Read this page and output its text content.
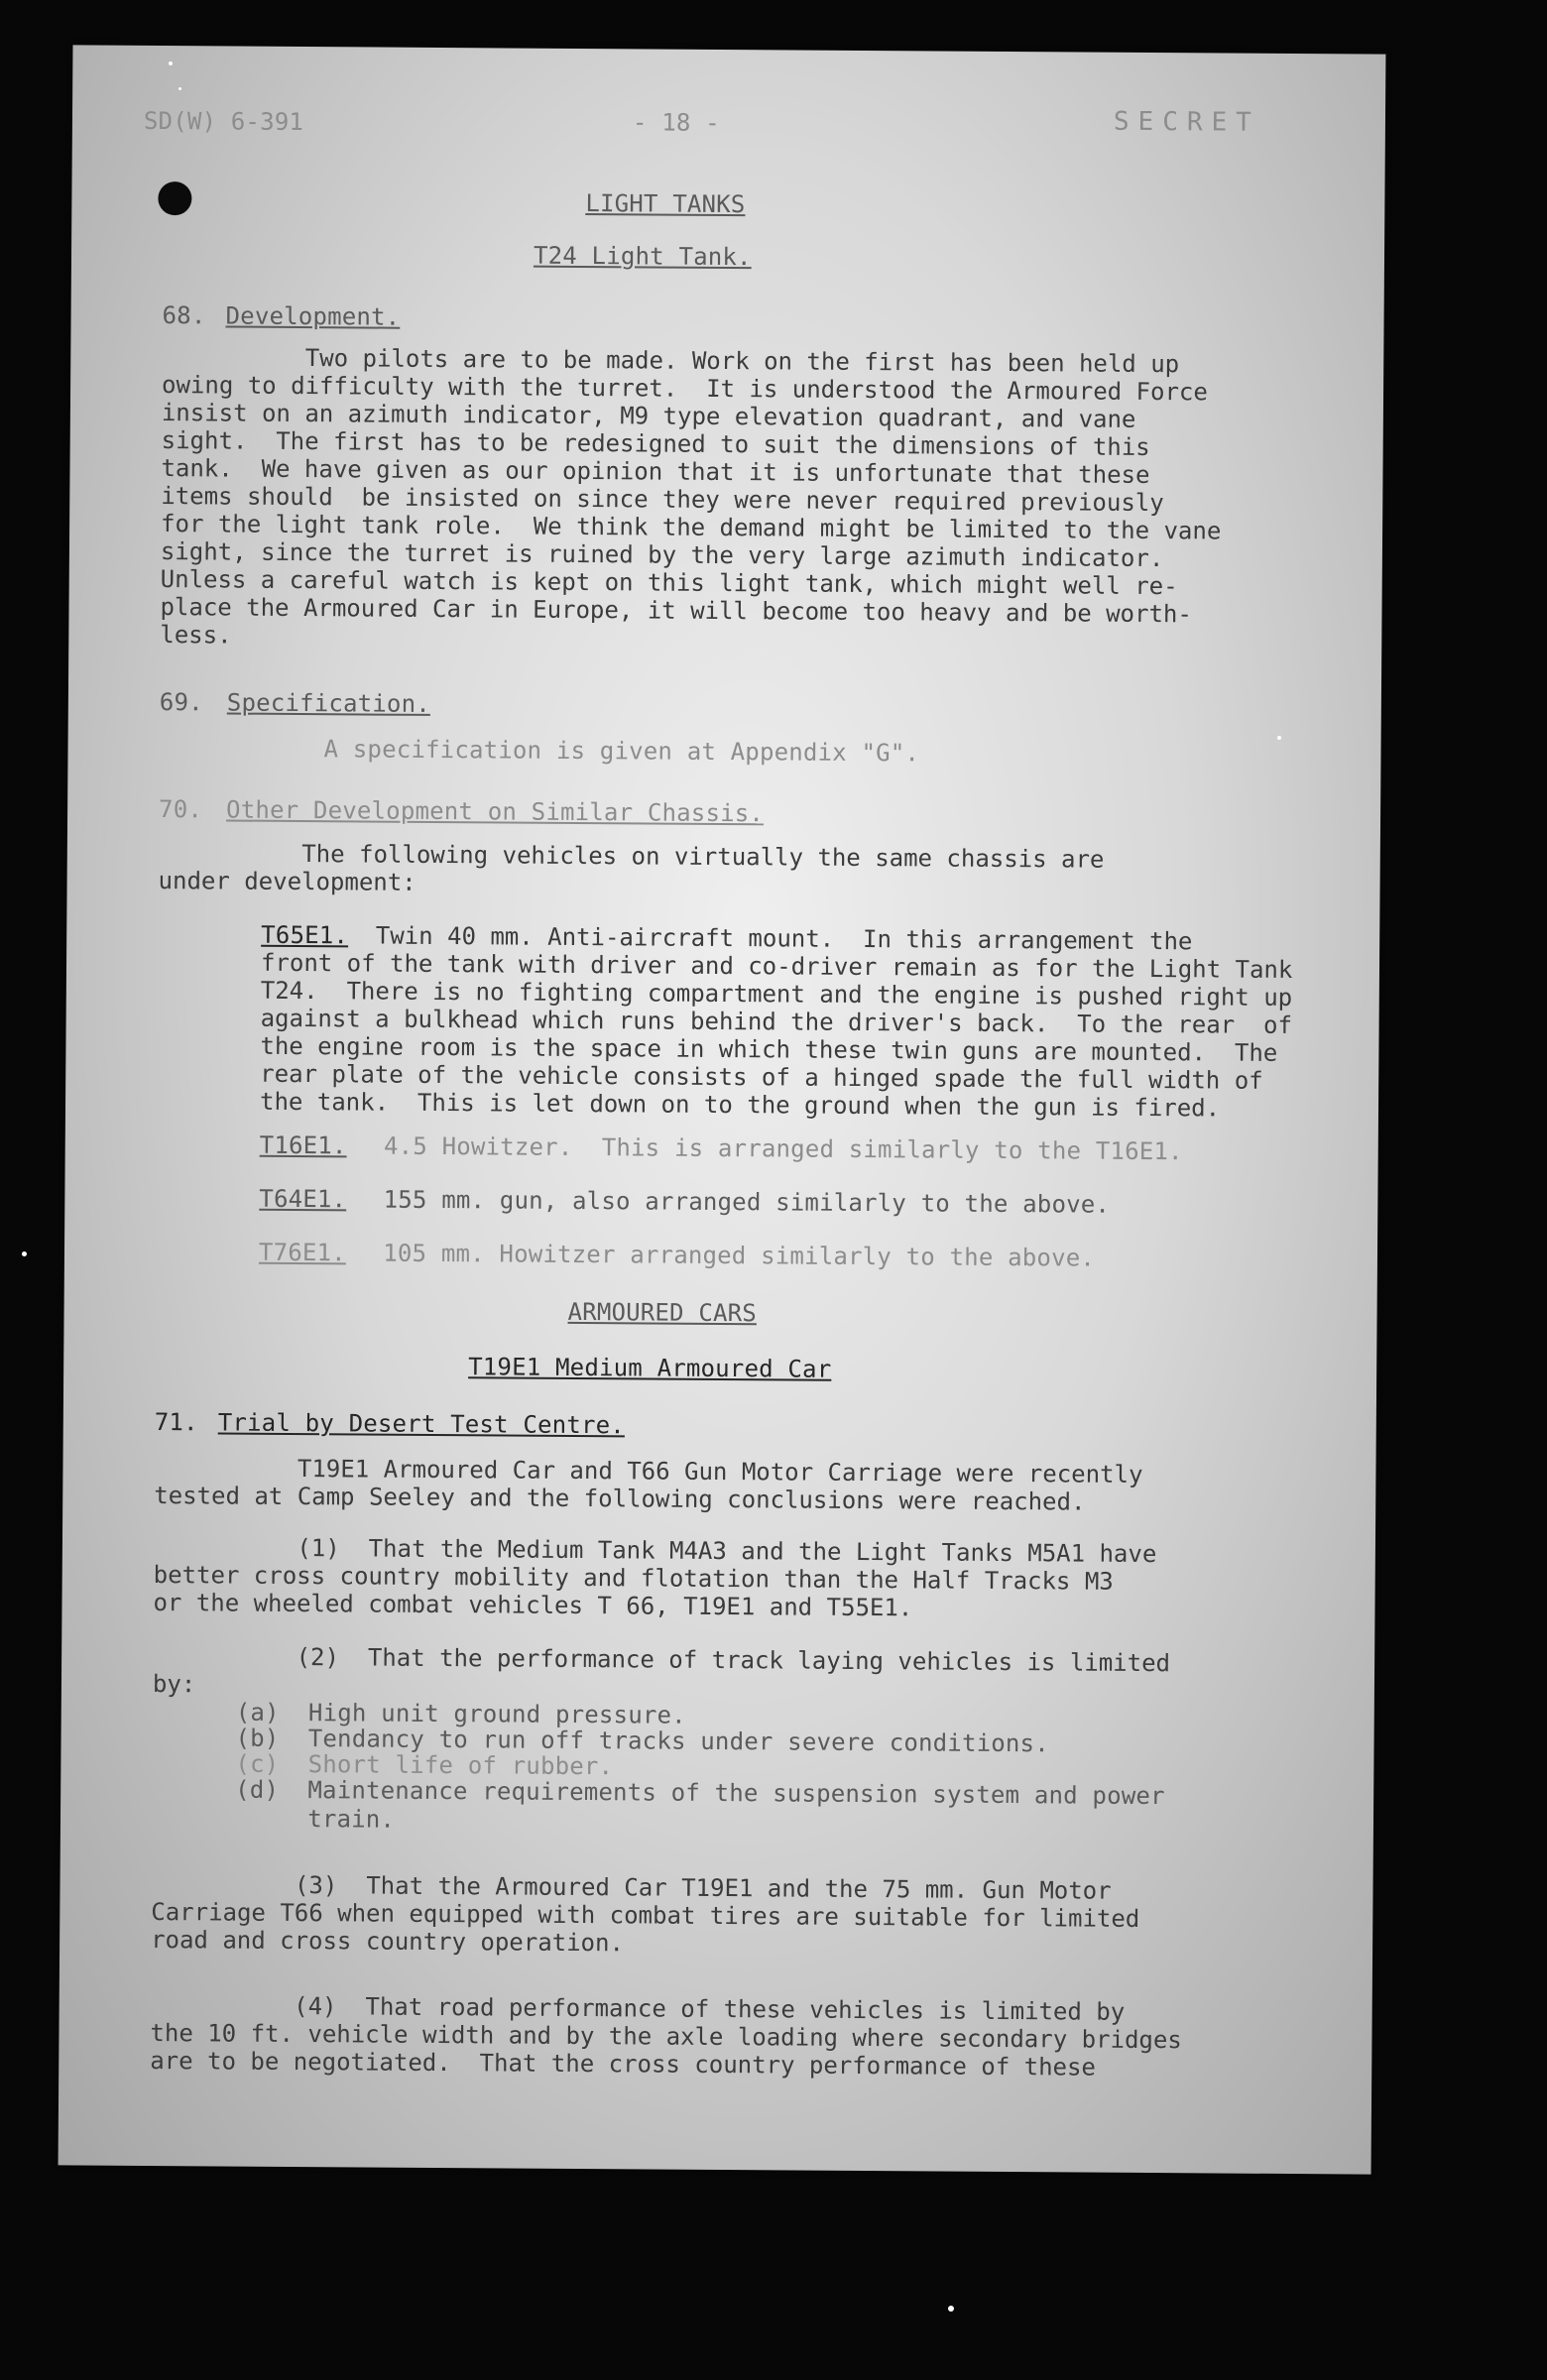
SD(W) 6-391	- 18 -	SECRET
LIGHT TANKS
T24 Light Tank.
68. Development.
Two pilots are to be made. Work on the first has been held up
owing to difficulty with the turret.  It is understood the Armoured Force
insist on an azimuth indicator, M9 type elevation quadrant, and vane
sight.  The first has to be redesigned to suit the dimensions of this
tank.  We have given as our opinion that it is unfortunate that these
items should  be insisted on since they were never required previously
for the light tank role.  We think the demand might be limited to the vane
sight, since the turret is ruined by the very large azimuth indicator.
Unless a careful watch is kept on this light tank, which might well re-
place the Armoured Car in Europe, it will become too heavy and be worth-
less.
69. Specification.
A specification is given at Appendix "G".
70. Other Development on Similar Chassis.
The following vehicles on virtually the same chassis are
under development:
T65E1.
Twin 40 mm. Anti-aircraft mount.  In this arrangement the
front of the tank with driver and co-driver remain as for the Light Tank
T24.  There is no fighting compartment and the engine is pushed right up
against a bulkhead which runs behind the driver's back.  To the rear  of
the engine room is the space in which these twin guns are mounted.  The
rear plate of the vehicle consists of a hinged spade the full width of
the tank.  This is let down on to the ground when the gun is fired.
T16E1. 4.5 Howitzer.  This is arranged similarly to the T16E1.
T64E1. 155 mm. gun, also arranged similarly to the above.
T76E1. 105 mm. Howitzer arranged similarly to the above.
ARMOURED CARS
T19E1 Medium Armoured Car
71. Trial by Desert Test Centre.
T19E1 Armoured Car and T66 Gun Motor Carriage were recently
tested at Camp Seeley and the following conclusions were reached.
(1)  That the Medium Tank M4A3 and the Light Tanks M5A1 have
better cross country mobility and flotation than the Half Tracks M3
or the wheeled combat vehicles T 66, T19E1 and T55E1.
(2)  That the performance of track laying vehicles is limited
by:
(a)  High unit ground pressure.
(b)  Tendancy to run off tracks under severe conditions.
(c)  Short life of rubber.
(d)  Maintenance requirements of the suspension system and power
train.
(3)  That the Armoured Car T19E1 and the 75 mm. Gun Motor
Carriage T66 when equipped with combat tires are suitable for limited
road and cross country operation.
(4)  That road performance of these vehicles is limited by
the 10 ft. vehicle width and by the axle loading where secondary bridges
are to be negotiated.  That the cross country performance of these
